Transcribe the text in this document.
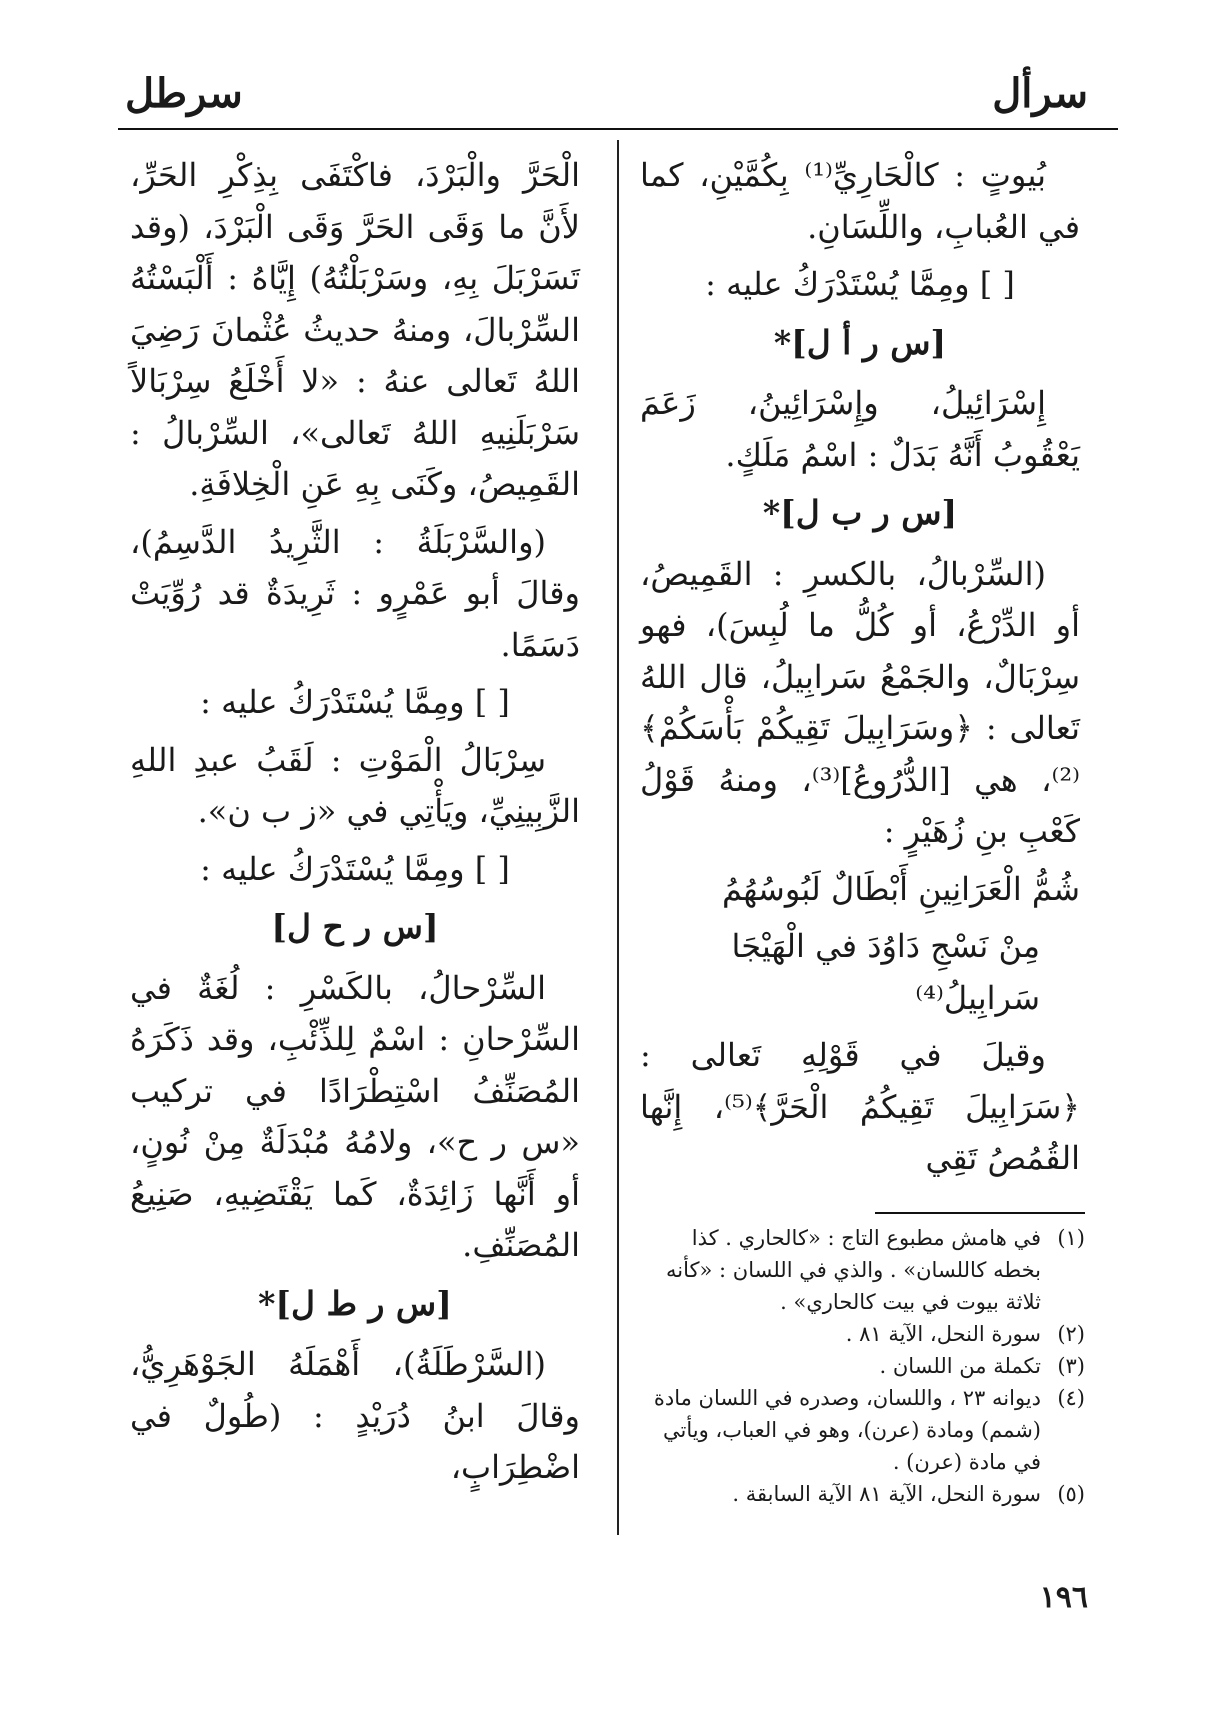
سرأل
سرطل

بُيوتٍ : كالْحَارِيِّ⁽¹⁾ بِكُمَّيْنِ، كما في العُبابِ، واللِّسَانِ.

[ ] ومِمَّا يُسْتَدْرَكُ عليه :

[س ر أ ل]*

إِسْرَائِيلُ، وإِسْرَائِينُ، زَعَمَ يَعْقُوبُ أَنَّهُ بَدَلٌ : اسْمُ مَلَكٍ.

[س ر ب ل]*

(السِّرْبالُ، بالكسرِ : القَمِيصُ، أو الدِّرْعُ، أو كُلُّ ما لُبِسَ)، فهو سِرْبَالٌ، والجَمْعُ سَرابِيلُ، قال اللهُ تَعالى : ﴿وسَرَابِيلَ تَقِيكُمْ بَأْسَكُمْ﴾⁽²⁾، هي [الدُّرُوعُ]⁽³⁾، ومنهُ قَوْلُ كَعْبِ بنِ زُهَيْرٍ :

شُمُّ الْعَرَانِينِ أَبْطَالٌ لَبُوسُهُمُ

مِنْ نَسْجِ دَاوُدَ في الْهَيْجَا سَرابِيلُ⁽⁴⁾

وقيلَ في قَوْلِهِ تَعالى : ﴿سَرَابِيلَ تَقِيكُمُ الْحَرَّ﴾⁽⁵⁾، إِنَّها القُمُصُ تَقِي

الْحَرَّ والْبَرْدَ، فاكْتَفَى بِذِكْرِ الحَرِّ، لأَنَّ ما وَقَى الحَرَّ وَقَى الْبَرْدَ، (وقد تَسَرْبَلَ بِهِ، وسَرْبَلْتُهُ) إِيَّاهُ : أَلْبَسْتُهُ السِّرْبالَ، ومنهُ حديثُ عُثْمانَ رَضِيَ اللهُ تَعالى عنهُ : «لا أَخْلَعُ سِرْبَالاً سَرْبَلَنِيهِ اللهُ تَعالى»، السِّرْبالُ : القَمِيصُ، وكَنَى بِهِ عَنِ الْخِلافَةِ.

(والسَّرْبَلَةُ : الثَّرِيدُ الدَّسِمُ)، وقالَ أبو عَمْرٍو : ثَرِيدَةٌ قد رُوِّيَتْ دَسَمًا.

[ ] ومِمَّا يُسْتَدْرَكُ عليه :

سِرْبَالُ الْمَوْتِ : لَقَبُ عبدِ اللهِ الزَّبِينِيِّ، ويَأْتِي في «ز ب ن».

[ ] ومِمَّا يُسْتَدْرَكُ عليه :

[س ر ح ل]

السِّرْحالُ، بالكَسْرِ : لُغَةٌ في السِّرْحانِ : اسْمٌ لِلذِّئْبِ، وقد ذَكَرَهُ المُصَنِّفُ اسْتِطْرَادًا في تركيب «س ر ح»، ولامُهُ مُبْدَلَةٌ مِنْ نُونٍ، أو أَنَّها زَائِدَةٌ، كَما يَقْتَضِيهِ، صَنِيعُ المُصَنِّفِ.

[س ر ط ل]*

(السَّرْطَلَةُ)، أَهْمَلَهُ الجَوْهَرِيُّ، وقالَ ابنُ دُرَيْدٍ : (طُولٌ في اضْطِرَابٍ،

(١)
في هامش مطبوع التاج : «كالحاري . كذا بخطه كاللسان» . والذي في اللسان : «كأنه ثلاثة بيوت في بيت كالحاري» .
(٢)
سورة النحل، الآية ٨١ .
(٣)
تكملة من اللسان .
(٤)
ديوانه ٢٣ ، واللسان، وصدره في اللسان مادة (شمم) ومادة (عرن)، وهو في العباب، ويأتي في مادة (عرن) .
(٥)
سورة النحل، الآية ٨١ الآية السابقة .
١٩٦
